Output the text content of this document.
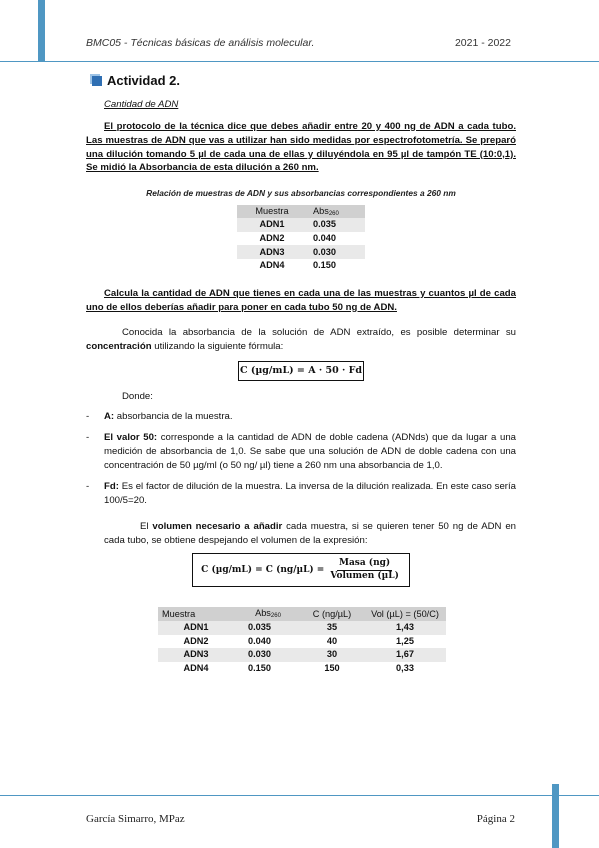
BMC05 - Técnicas básicas de análisis molecular.	2021 - 2022
Actividad 2.
Cantidad de ADN

El protocolo de la técnica dice que debes añadir entre 20 y 400 ng de ADN a cada tubo. Las muestras de ADN que vas a utilizar han sido medidas por espectrofotometría. Se preparó una dilución tomando 5 µl de cada una de ellas y diluyéndola en 95 µl de tampón TE (10:0,1). Se midió la Absorbancia de esta dilución a 260 nm.

Relación de muestras de ADN y sus absorbancias correspondientes a 260 nm
Muestra	Abs$_{260}$
ADN1	0.035
ADN2	0.040
ADN3	0.030
ADN4	0.150

Calcula la cantidad de ADN que tienes en cada una de las muestras y cuantos µl de cada uno de ellos deberías añadir para poner en cada tubo 50 ng de ADN.

Conocida la absorbancia de la solución de ADN extraído, es posible determinar su concentración utilizando la siguiente fórmula:

C (µg/mL) = A · 50 · Fd
Donde:
- A: absorbancia de la muestra.
- El valor 50: corresponde a la cantidad de ADN de doble cadena (ADNds) que da lugar a una medición de absorbancia de 1,0. Se sabe que una solución de ADN de doble cadena con una concentración de 50 µg/ml (o 50 ng/ µl) tiene a 260 nm una absorbancia de 1,0.
- Fd: Es el factor de dilución de la muestra. La inversa de la dilución realizada. En este caso sería 100/5=20.

El volumen necesario a añadir cada muestra, si se quieren tener 50 ng de ADN en cada tubo, se obtiene despejando el volumen de la expresión:

C (µg/mL) = C $(ng/\mu L) = \frac{\text{Masa (ng)}}{\text{Volumen (µL)}}$
Muestra	Abs$_{260}$	C (ng/µL)	Vol (µL) = (50/C)
ADN1	0.035	35	1,43
ADN2	0.040	40	1,25
ADN3	0.030	30	1,67
ADN4	0.150	150	0,33
García Simarro, MPaz	Página 2
